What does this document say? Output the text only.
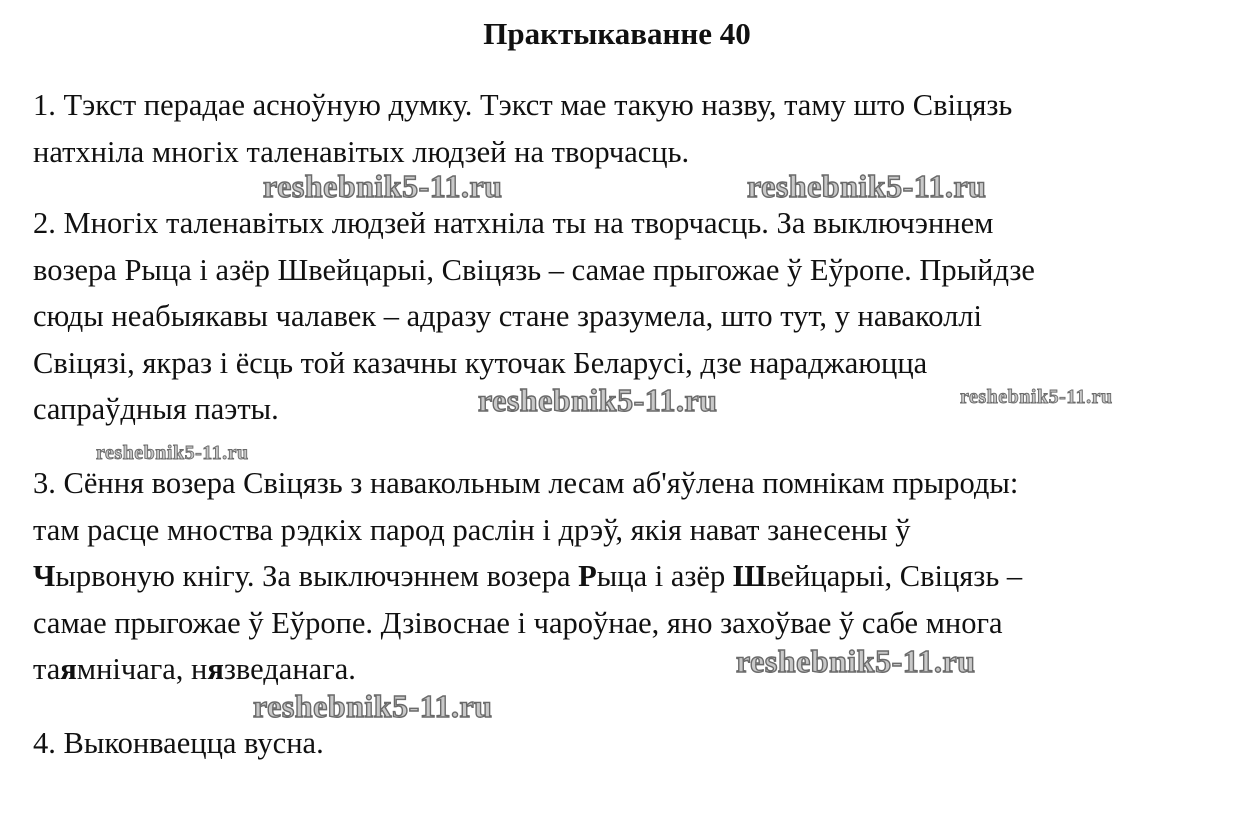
Практыкаванне 40

1. Тэкст перадае асноўную думку. Тэкст мае такую назву, таму што Свіцязь
натхніла многіх таленавітых людзей на творчасць.

2. Многіх таленавітых людзей натхніла ты на творчасць. За выключэннем
возера Рыца і азёр Швейцарыі, Свіцязь – самае прыгожае ў Еўропе. Прыйдзе
сюды неабыякавы чалавек – адразу стане зразумела, што тут, у наваколлі
Свіцязі, якраз і ёсць той казачны куточак Беларусі, дзе нараджаюцца
сапраўдныя паэты.

3. Сёння возера Свіцязь з навакольным лесам аб'яўлена помнікам прыроды:
там расце мноства рэдкіх парод раслін і дрэў, якія нават занесены ў
Чырвоную кнігу. За выключэннем возера Рыца і азёр Швейцарыі, Свіцязь –
самае прыгожае ў Еўропе. Дзівоснае і чароўнае, яно захоўвае ў сабе многа
таямнічага, нязведанага.

4. Выконваецца вусна.

reshebnik5-11.ru	reshebnik5-11.ru
reshebnik5-11.ru	reshebnik5-11.ru
reshebnik5-11.ru
reshebnik5-11.ru
reshebnik5-11.ru
